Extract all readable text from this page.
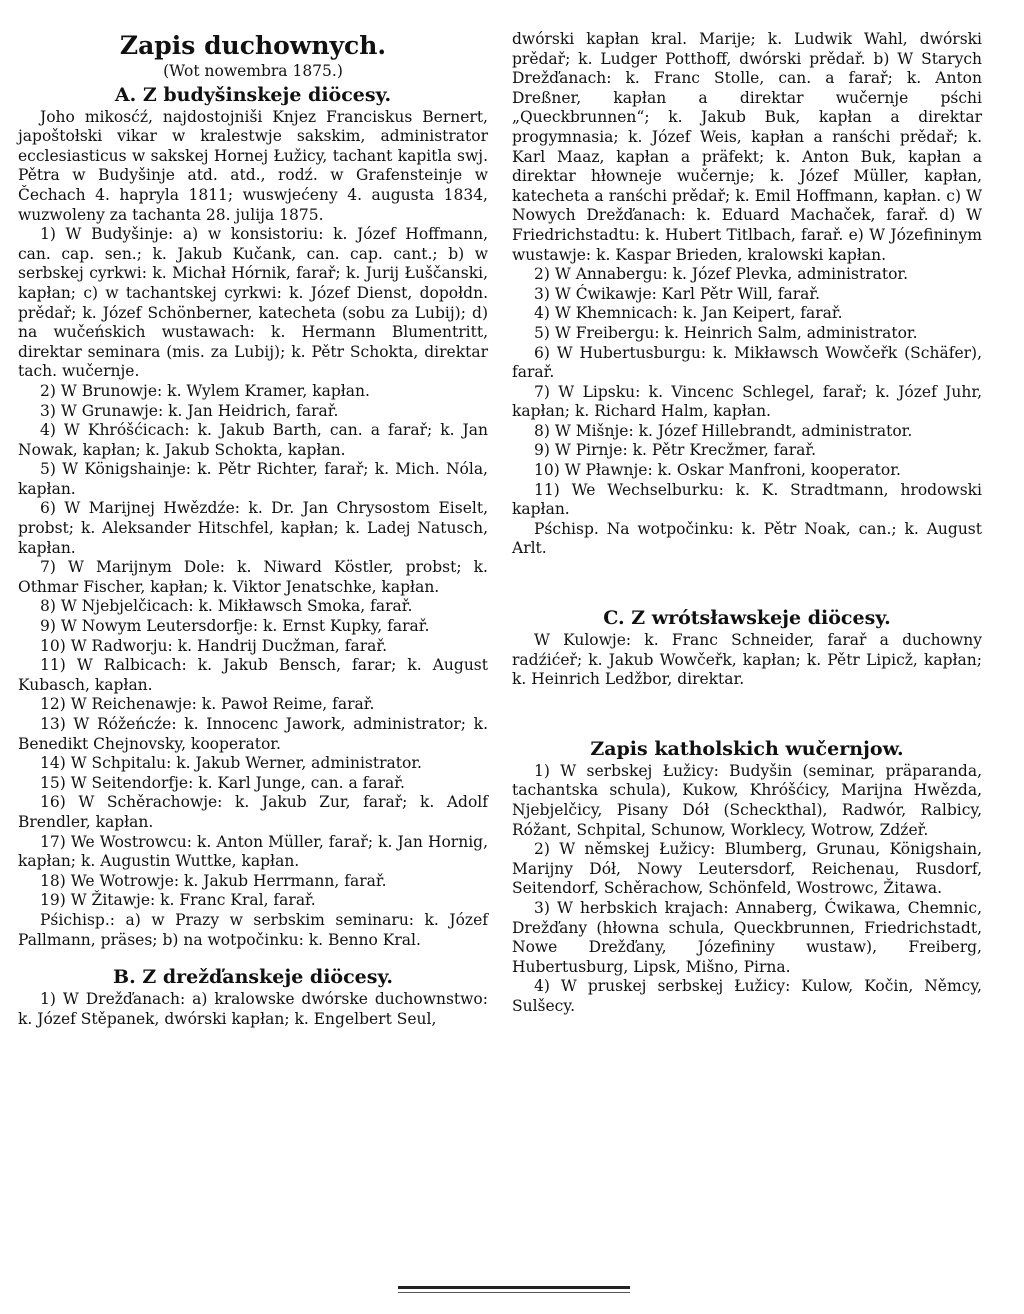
Zapis duchownych.

(Wot nowembra 1875.)

A. Z budyšinskeje diöcesy.

Joho mikosćź, najdostojniši Knjez Franciskus Bernert, japoštołski vikar w kralestwje sakskim, administrator ecclesiasticus w sakskej Hornej Łužicy, tachant kapitla swj. Pětra w Budyšinje atd. atd., rodź. w Grafensteinje w Čechach 4. hapryla 1811; wuswjećeny 4. augusta 1834, wuzwoleny za tachanta 28. julija 1875.

1) W Budyšinje: a) w konsistoriu: k. Józef Hoffmann, can. cap. sen.; k. Jakub Kučank, can. cap. cant.; b) w serbskej cyrkwi: k. Michał Hórnik, farař; k. Jurij Łuščanski, kapłan; c) w tachantskej cyrkwi: k. Józef Dienst, dopołdn. prědař; k. Józef Schönberner, katecheta (sobu za Lubij); d) na wučeńskich wustawach: k. Hermann Blumentritt, direktar seminara (mis. za Lubij); k. Pětr Schokta, direktar tach. wučernje.

2) W Brunowje: k. Wylem Kramer, kapłan.

3) W Grunawje: k. Jan Heidrich, farař.

4) W Khróšćicach: k. Jakub Barth, can. a farař; k. Jan Nowak, kapłan; k. Jakub Schokta, kapłan.

5) W Königshainje: k. Pětr Richter, farař; k. Mich. Nóla, kapłan.

6) W Marijnej Hwězdźe: k. Dr. Jan Chrysostom Eiselt, probst; k. Aleksander Hitschfel, kapłan; k. Ladej Natusch, kapłan.

7) W Marijnym Dole: k. Niward Köstler, probst; k. Othmar Fischer, kapłan; k. Viktor Jenatschke, kapłan.

8) W Njebjelčicach: k. Mikławsch Smoka, farař.

9) W Nowym Leutersdorfje: k. Ernst Kupky, farař.

10) W Radworju: k. Handrij Ducžman, farař.

11) W Ralbicach: k. Jakub Bensch, farar; k. August Kubasch, kapłan.

12) W Reichenawje: k. Pawoł Reime, farař.

13) W Róžeńcźe: k. Innocenc Jawork, administrator; k. Benedikt Chejnovsky, kooperator.

14) W Schpitalu: k. Jakub Werner, administrator.

15) W Seitendorfje: k. Karl Junge, can. a farař.

16) W Schěrachowje: k. Jakub Zur, farař; k. Adolf Brendler, kapłan.

17) We Wostrowcu: k. Anton Müller, farař; k. Jan Hornig, kapłan; k. Augustin Wuttke, kapłan.

18) We Wotrowje: k. Jakub Herrmann, farař.

19) W Žitawje: k. Franc Kral, farař.

Pśichisp.: a) w Prazy w serbskim seminaru: k. Józef Pallmann, präses; b) na wotpočinku: k. Benno Kral.

B. Z drežďanskeje diöcesy.

1) W Drežďanach: a) kralowske dwórske duchownstwo: k. Józef Stěpanek, dwórski kapłan; k. Engelbert Seul,

dwórski kapłan kral. Marije; k. Ludwik Wahl, dwórski prědař; k. Ludger Potthoff, dwórski prědař. b) W Starych Drežďanach: k. Franc Stolle, can. a farař; k. Anton Dreßner, kapłan a direktar wučernje pśchi „Queckbrunnen“; k. Jakub Buk, kapłan a direktar progymnasia; k. Józef Weis, kapłan a ranśchi prědař; k. Karl Maaz, kapłan a präfekt; k. Anton Buk, kapłan a direktar hłowneje wučernje; k. Józef Müller, kapłan, katecheta a ranśchi prědař; k. Emil Hoffmann, kapłan. c) W Nowych Drežďanach: k. Eduard Machaček, farař. d) W Friedrichstadtu: k. Hubert Titlbach, farař. e) W Józefininym wustawje: k. Kaspar Brieden, kralowski kapłan.

2) W Annabergu: k. Józef Plevka, administrator.

3) W Ćwikawje: Karl Pětr Will, farař.

4) W Khemnicach: k. Jan Keipert, farař.

5) W Freibergu: k. Heinrich Salm, administrator.

6) W Hubertusburgu: k. Mikławsch Wowčeřk (Schäfer), farař.

7) W Lipsku: k. Vincenc Schlegel, farař; k. Józef Juhr, kapłan; k. Richard Halm, kapłan.

8) W Mišnje: k. Józef Hillebrandt, administrator.

9) W Pirnje: k. Pětr Krecžmer, farař.

10) W Pławnje: k. Oskar Manfroni, kooperator.

11) We Wechselburku: k. K. Stradtmann, hrodowski kapłan.

Pśchisp. Na wotpočinku: k. Pětr Noak, can.; k. August Arlt.

C. Z wrótsławskeje diöcesy.

W Kulowje: k. Franc Schneider, farař a duchowny radźićeř; k. Jakub Wowčeřk, kapłan; k. Pětr Lipicž, kapłan; k. Heinrich Ledžbor, direktar.

Zapis katholskich wučernjow.

1) W serbskej Łužicy: Budyšin (seminar, präparanda, tachantska schula), Kukow, Khróšćicy, Marijna Hwězda, Njebjelčicy, Pisany Dół (Scheckthal), Radwór, Ralbicy, Róžant, Schpital, Schunow, Worklecy, Wotrow, Zdźeř.

2) W němskej Łužicy: Blumberg, Grunau, Königshain, Marijny Dół, Nowy Leutersdorf, Reichenau, Rusdorf, Seitendorf, Schěrachow, Schönfeld, Wostrowc, Žitawa.

3) W herbskich krajach: Annaberg, Ćwikawa, Chemnic, Drežďany (hłowna schula, Queckbrunnen, Friedrichstadt, Nowe Drežďany, Józefininy wustaw), Freiberg, Hubertusburg, Lipsk, Mišno, Pirna.

4) W pruskej serbskej Łužicy: Kulow, Kočin, Němcy, Sulšecy.
